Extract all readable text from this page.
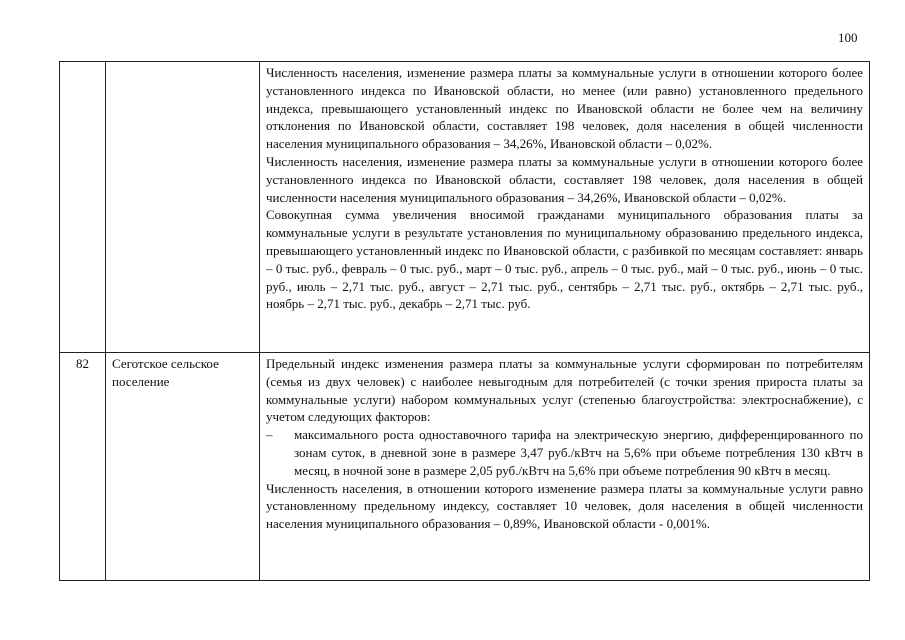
100

		Численность населения, изменение размера платы за коммунальные услуги в отношении которого более установленного индекса по Ивановской области, но менее (или равно) установленного предельного индекса, превышающего установленный индекс по Ивановской области не более чем на величину отклонения по Ивановской области, составляет 198 человек, доля населения в общей численности населения муниципального образования – 34,26%, Ивановской области – 0,02%.

Численность населения, изменение размера платы за коммунальные услуги в отношении которого более установленного индекса по Ивановской области, составляет 198 человек, доля населения в общей численности населения муниципального образования – 34,26%, Ивановской области – 0,02%.

Совокупная сумма увеличения вносимой гражданами муниципального образования платы за коммунальные услуги в результате установления по муниципальному образованию предельного индекса, превышающего установленный индекс по Ивановской области, с разбивкой по месяцам составляет: январь – 0 тыс. руб., февраль – 0 тыс. руб., март – 0 тыс. руб., апрель – 0 тыс. руб., май – 0 тыс. руб., июнь – 0 тыс. руб., июль – 2,71 тыс. руб., август – 2,71 тыс. руб., сентябрь – 2,71 тыс. руб., октябрь – 2,71 тыс. руб., ноябрь – 2,71 тыс. руб., декабрь – 2,71 тыс. руб.

82	Сеготское сельское поселение	Предельный индекс изменения размера платы за коммунальные услуги сформирован по потребителям (семья из двух человек) с наиболее невыгодным для потребителей (с точки зрения прироста платы за коммунальные услуги) набором коммунальных услуг (степенью благоустройства: электроснабжение), с учетом следующих факторов:

– максимального роста одноставочного тарифа на электрическую энергию, дифференцированного по зонам суток, в дневной зоне в размере 3,47 руб./кВтч на 5,6% при объеме потребления 130 кВтч в месяц, в ночной зоне в размере 2,05 руб./кВтч на 5,6% при объеме потребления 90 кВтч в месяц.

Численность населения, в отношении которого изменение размера платы за коммунальные услуги равно установленному предельному индексу, составляет 10 человек, доля населения в общей численности населения муниципального образования – 0,89%, Ивановской области - 0,001%.
